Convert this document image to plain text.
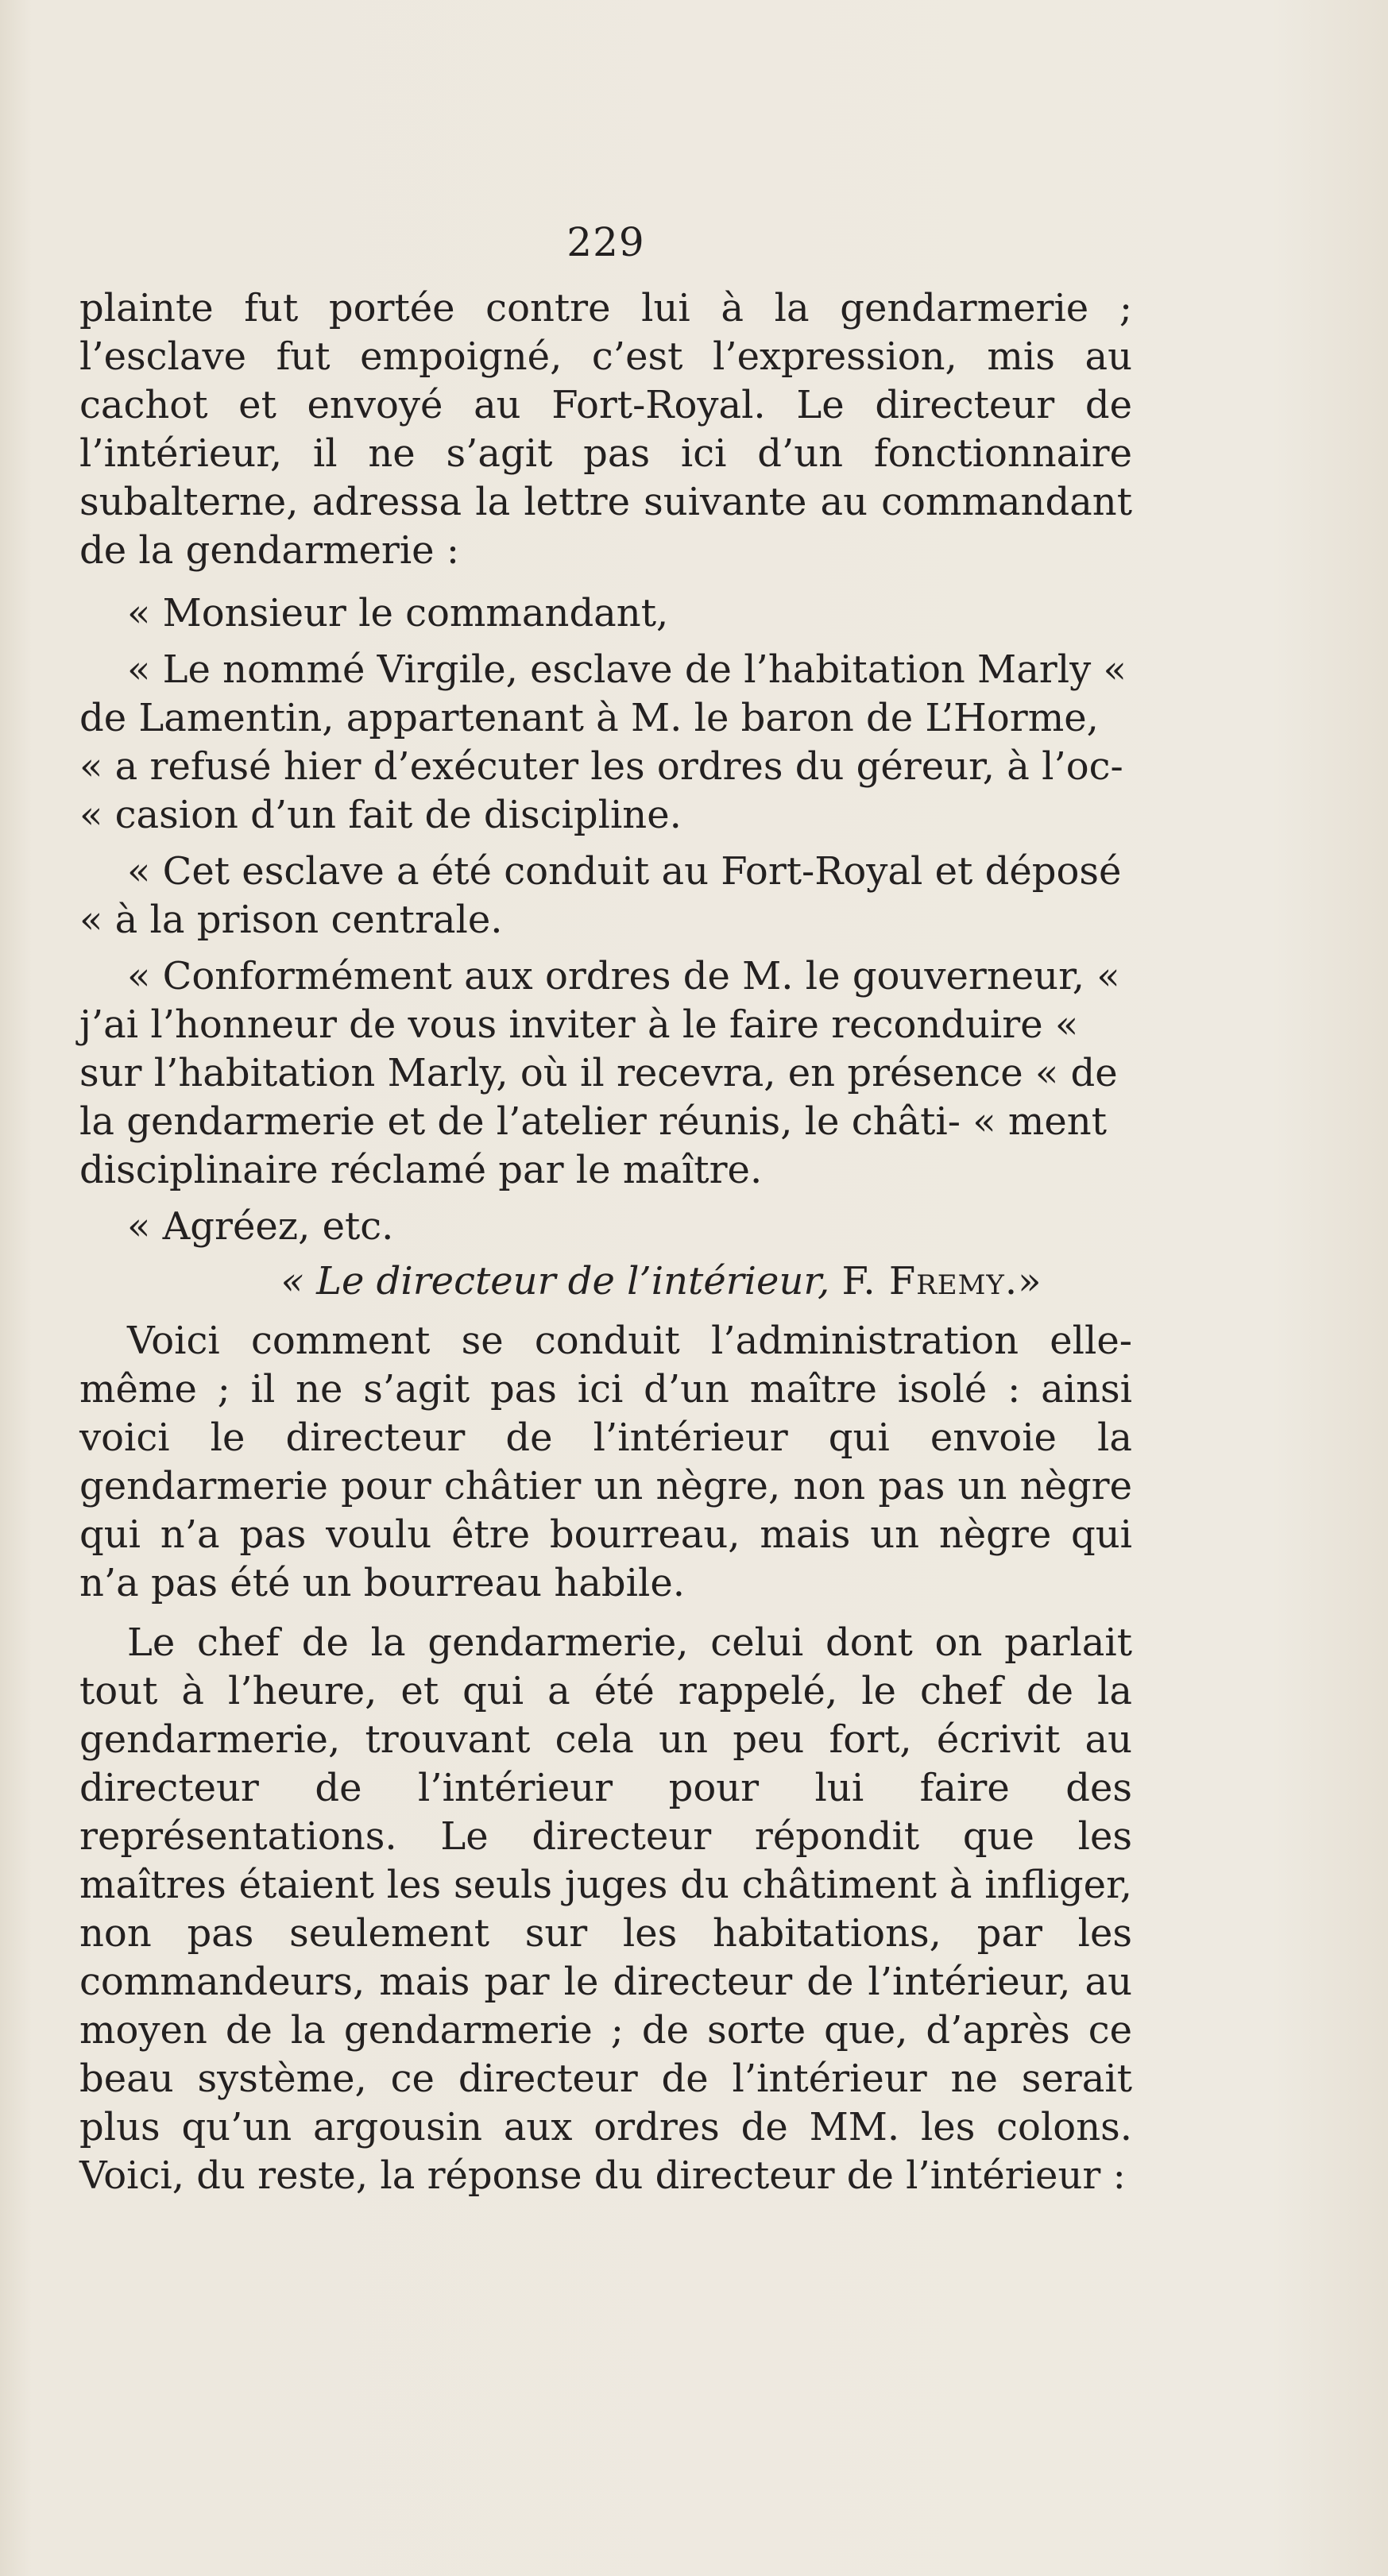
229

plainte fut portée contre lui à la gendarmerie ; l’esclave fut empoigné, c’est l’expression, mis au cachot et envoyé au Fort-Royal. Le directeur de l’intérieur, il ne s’agit pas ici d’un fonctionnaire subalterne, adressa la lettre suivante au commandant de la gendarmerie :

« Monsieur le commandant,

« Le nommé Virgile, esclave de l’habitation Marly « de Lamentin, appartenant à M. le baron de L’Horme, « a refusé hier d’exécuter les ordres du géreur, à l’oc- « casion d’un fait de discipline.

« Cet esclave a été conduit au Fort-Royal et déposé « à la prison centrale.

« Conformément aux ordres de M. le gouverneur, « j’ai l’honneur de vous inviter à le faire reconduire « sur l’habitation Marly, où il recevra, en présence « de la gendarmerie et de l’atelier réunis, le châti- « ment disciplinaire réclamé par le maître.

« Agréez, etc.

« Le directeur de l’intérieur, F. Fremy.»

Voici comment se conduit l’administration elle-même ; il ne s’agit pas ici d’un maître isolé : ainsi voici le directeur de l’intérieur qui envoie la gendarmerie pour châtier un nègre, non pas un nègre qui n’a pas voulu être bourreau, mais un nègre qui n’a pas été un bourreau habile.

Le chef de la gendarmerie, celui dont on parlait tout à l’heure, et qui a été rappelé, le chef de la gendarmerie, trouvant cela un peu fort, écrivit au directeur de l’intérieur pour lui faire des représentations. Le directeur répondit que les maîtres étaient les seuls juges du châtiment à infliger, non pas seulement sur les habitations, par les commandeurs, mais par le directeur de l’intérieur, au moyen de la gendarmerie ; de sorte que, d’après ce beau système, ce directeur de l’intérieur ne serait plus qu’un argousin aux ordres de MM. les colons. Voici, du reste, la réponse du directeur de l’intérieur :
